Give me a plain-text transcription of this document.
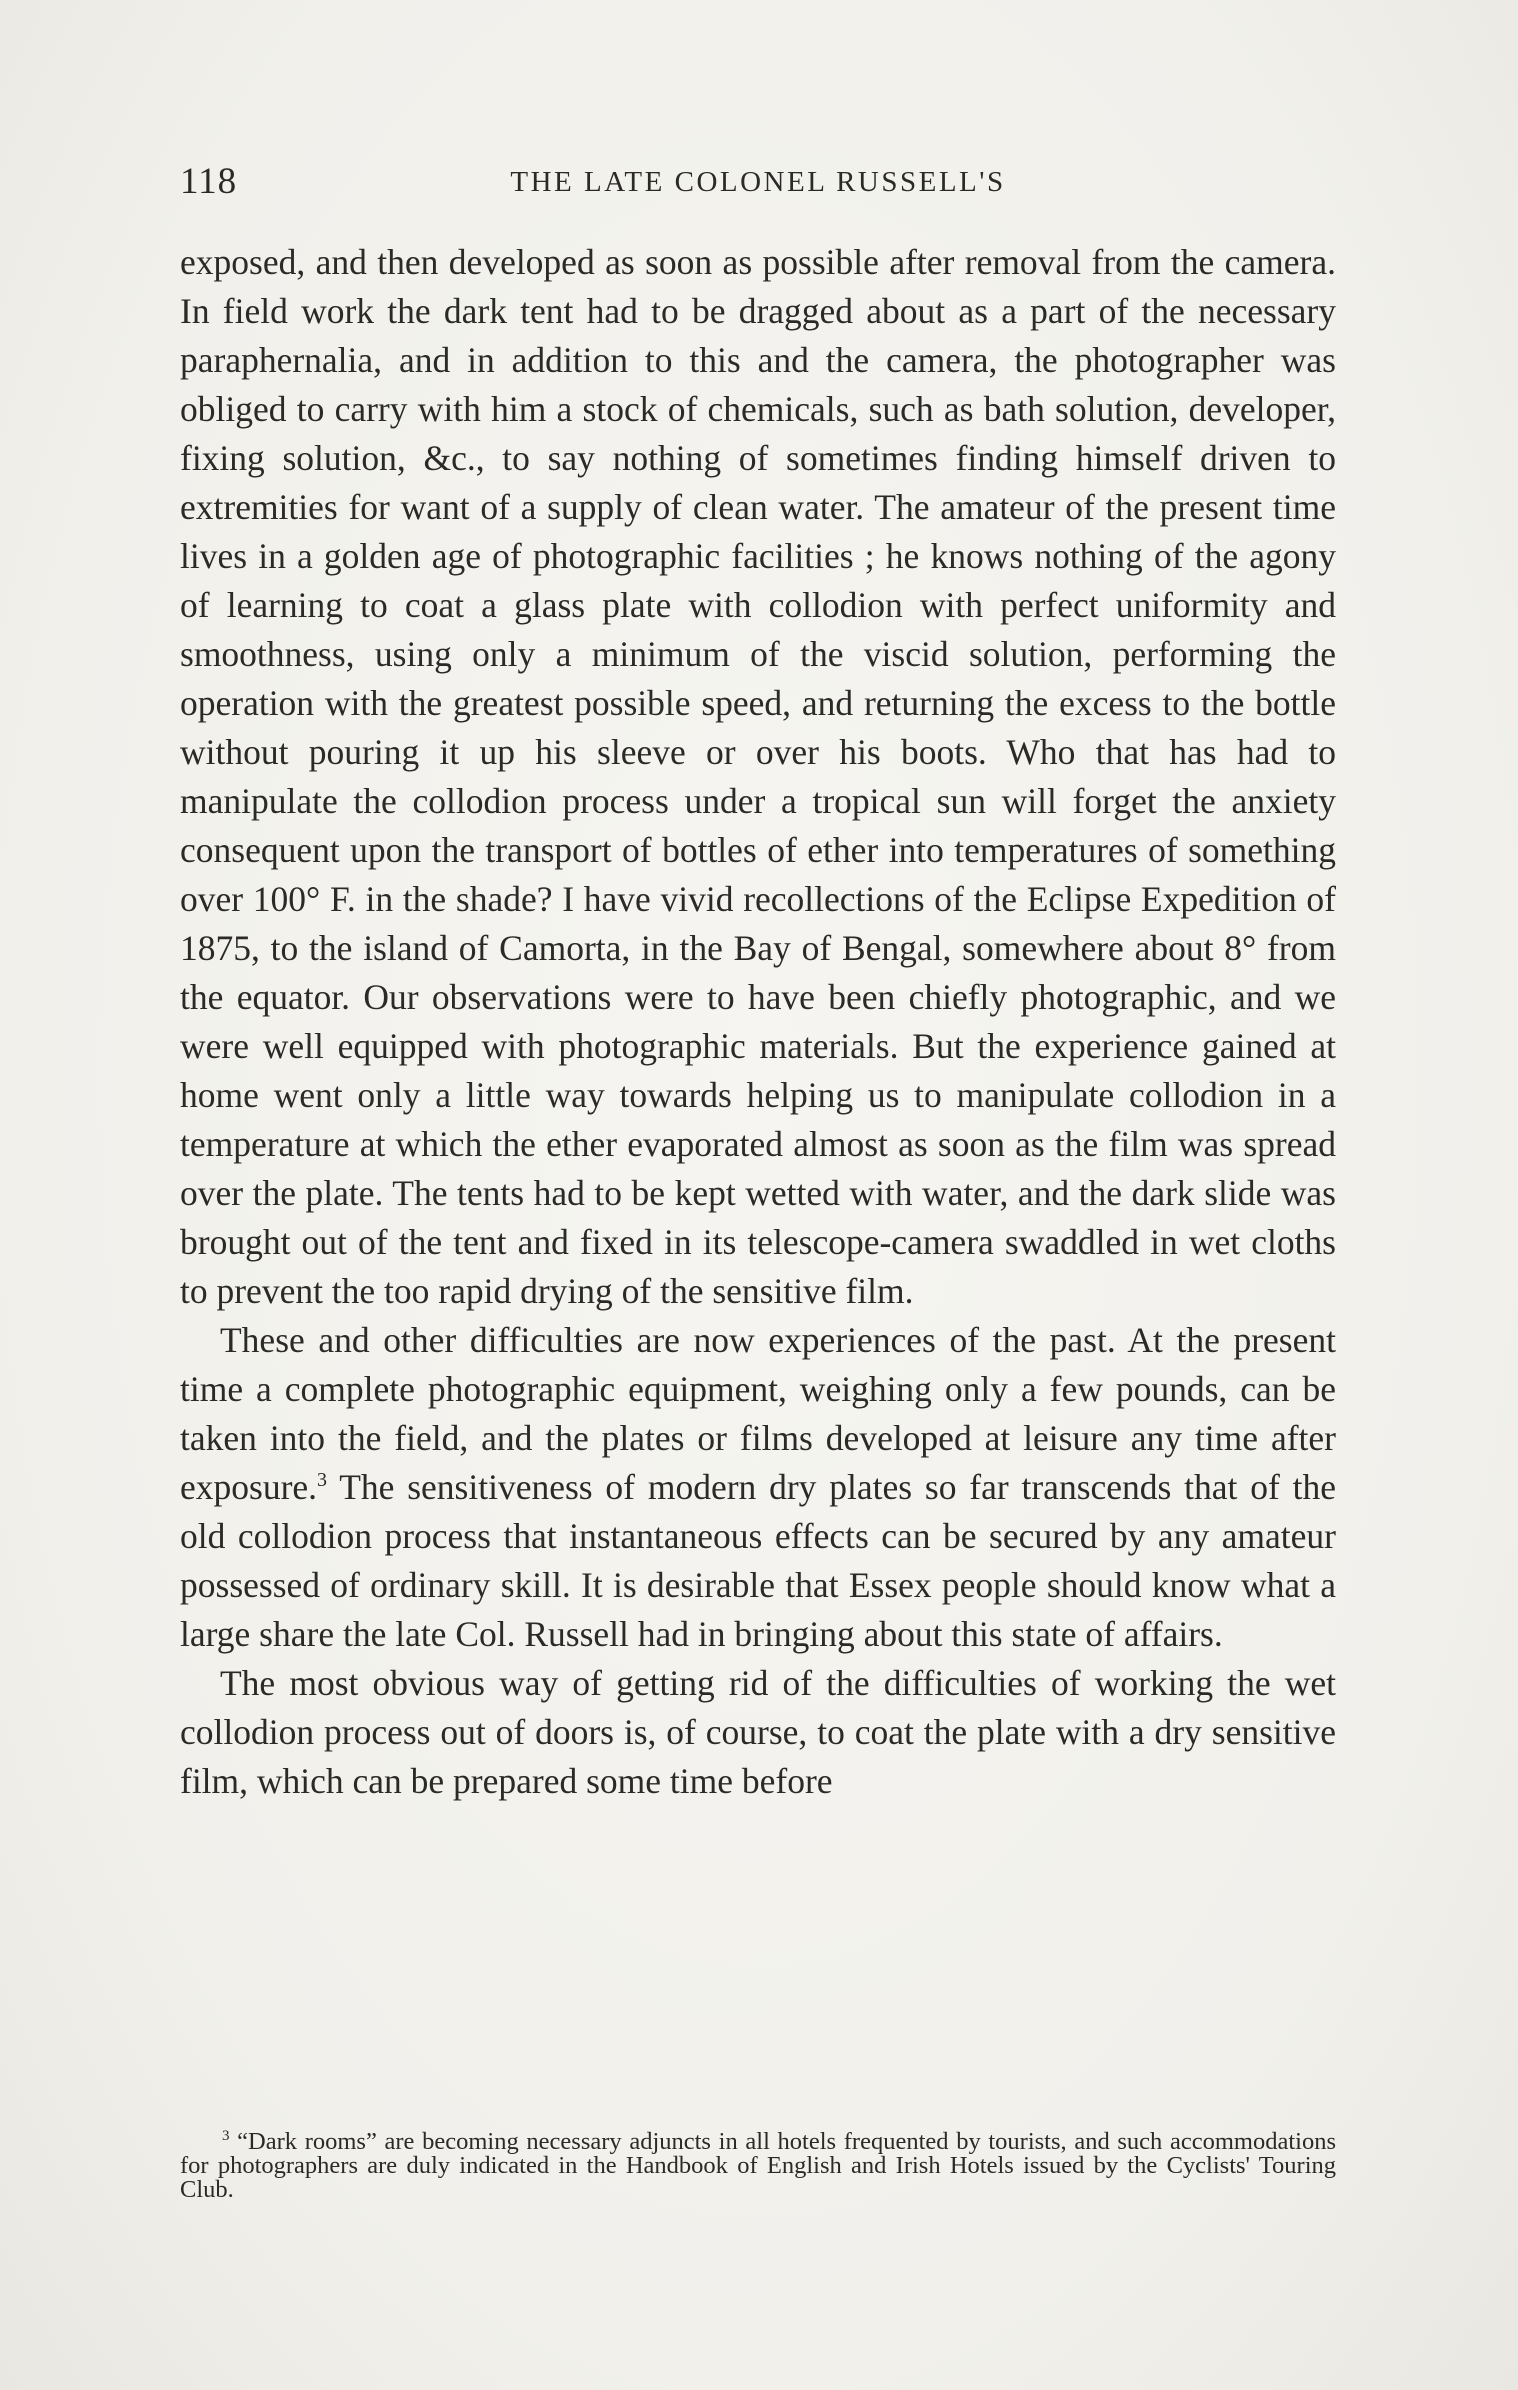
118	THE LATE COLONEL RUSSELL'S

exposed, and then developed as soon as possible after removal from the camera. In field work the dark tent had to be dragged about as a part of the necessary paraphernalia, and in addition to this and the camera, the photographer was obliged to carry with him a stock of chemicals, such as bath solution, developer, fixing solution, &c., to say nothing of sometimes finding himself driven to extremities for want of a supply of clean water. The amateur of the present time lives in a golden age of photographic facilities ; he knows nothing of the agony of learning to coat a glass plate with collodion with perfect uniformity and smoothness, using only a minimum of the viscid solution, performing the operation with the greatest possible speed, and returning the excess to the bottle without pouring it up his sleeve or over his boots. Who that has had to manipulate the collodion process under a tropical sun will forget the anxiety consequent upon the transport of bottles of ether into temperatures of something over 100° F. in the shade? I have vivid recollections of the Eclipse Expedition of 1875, to the island of Camorta, in the Bay of Bengal, somewhere about 8° from the equator. Our observations were to have been chiefly photographic, and we were well equipped with photographic materials. But the experience gained at home went only a little way towards helping us to manipulate collodion in a temperature at which the ether evaporated almost as soon as the film was spread over the plate. The tents had to be kept wetted with water, and the dark slide was brought out of the tent and fixed in its telescope-camera swaddled in wet cloths to prevent the too rapid drying of the sensitive film.

These and other difficulties are now experiences of the past. At the present time a complete photographic equipment, weighing only a few pounds, can be taken into the field, and the plates or films developed at leisure any time after exposure.$^3$ The sensitiveness of modern dry plates so far transcends that of the old collodion process that instantaneous effects can be secured by any amateur possessed of ordinary skill. It is desirable that Essex people should know what a large share the late Col. Russell had in bringing about this state of affairs.

The most obvious way of getting rid of the difficulties of working the wet collodion process out of doors is, of course, to coat the plate with a dry sensitive film, which can be prepared some time before

$^3$ “Dark rooms” are becoming necessary adjuncts in all hotels frequented by tourists, and such accommodations for photographers are duly indicated in the Handbook of English and Irish Hotels issued by the Cyclists' Touring Club.
